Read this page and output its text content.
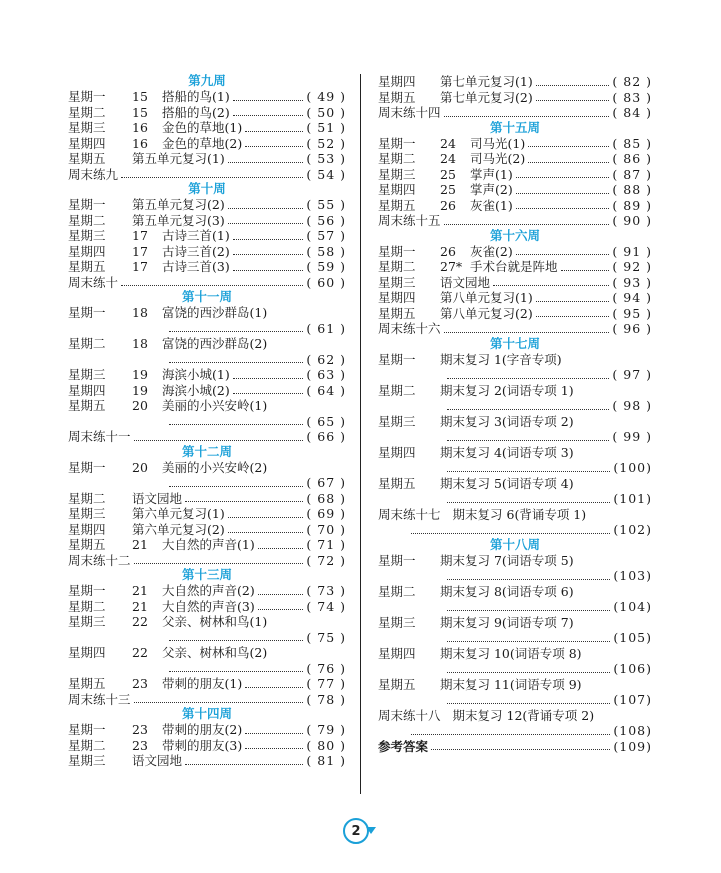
第九周
星期一	15	搭船的鸟(1)	( 49 )
星期二	15	搭船的鸟(2)	( 50 )
星期三	16	金色的草地(1)	( 51 )
星期四	16	金色的草地(2)	( 52 )
星期五	第五单元复习(1)	( 53 )
周末练九	( 54 )
第十周
星期一	第五单元复习(2)	( 55 )
星期二	第五单元复习(3)	( 56 )
星期三	17	古诗三首(1)	( 57 )
星期四	17	古诗三首(2)	( 58 )
星期五	17	古诗三首(3)	( 59 )
周末练十	( 60 )
第十一周
星期一	18	富饶的西沙群岛(1)
( 61 )
星期二	18	富饶的西沙群岛(2)
( 62 )
星期三	19	海滨小城(1)	( 63 )
星期四	19	海滨小城(2)	( 64 )
星期五	20	美丽的小兴安岭(1)
( 65 )
周末练十一	( 66 )
第十二周
星期一	20	美丽的小兴安岭(2)
( 67 )
星期二	语文园地	( 68 )
星期三	第六单元复习(1)	( 69 )
星期四	第六单元复习(2)	( 70 )
星期五	21	大自然的声音(1)	( 71 )
周末练十二	( 72 )
第十三周
星期一	21	大自然的声音(2)	( 73 )
星期二	21	大自然的声音(3)	( 74 )
星期三	22	父亲、树林和鸟(1)
( 75 )
星期四	22	父亲、树林和鸟(2)
( 76 )
星期五	23	带刺的朋友(1)	( 77 )
周末练十三	( 78 )
第十四周
星期一	23	带刺的朋友(2)	( 79 )
星期二	23	带刺的朋友(3)	( 80 )
星期三	语文园地	( 81 )
星期四	第七单元复习(1)	( 82 )
星期五	第七单元复习(2)	( 83 )
周末练十四	( 84 )
第十五周
星期一	24	司马光(1)	( 85 )
星期二	24	司马光(2)	( 86 )
星期三	25	掌声(1)	( 87 )
星期四	25	掌声(2)	( 88 )
星期五	26	灰雀(1)	( 89 )
周末练十五	( 90 )
第十六周
星期一	26	灰雀(2)	( 91 )
星期二	27* 手术台就是阵地	( 92 )
星期三	语文园地	( 93 )
星期四	第八单元复习(1)	( 94 )
星期五	第八单元复习(2)	( 95 )
周末练十六	( 96 )
第十七周
星期一	期末复习 1(字音专项)
( 97 )
星期二	期末复习 2(词语专项 1)
( 98 )
星期三	期末复习 3(词语专项 2)
( 99 )
星期四	期末复习 4(词语专项 3)
(100)
星期五	期末复习 5(词语专项 4)
(101)
周末练十七 期末复习 6(背诵专项 1)
(102)
第十八周
星期一	期末复习 7(词语专项 5)
(103)
星期二	期末复习 8(词语专项 6)
(104)
星期三	期末复习 9(词语专项 7)
(105)
星期四	期末复习 10(词语专项 8)
(106)
星期五	期末复习 11(词语专项 9)
(107)
周末练十八 期末复习 12(背诵专项 2)
(108)
参考答案	(109)
2
